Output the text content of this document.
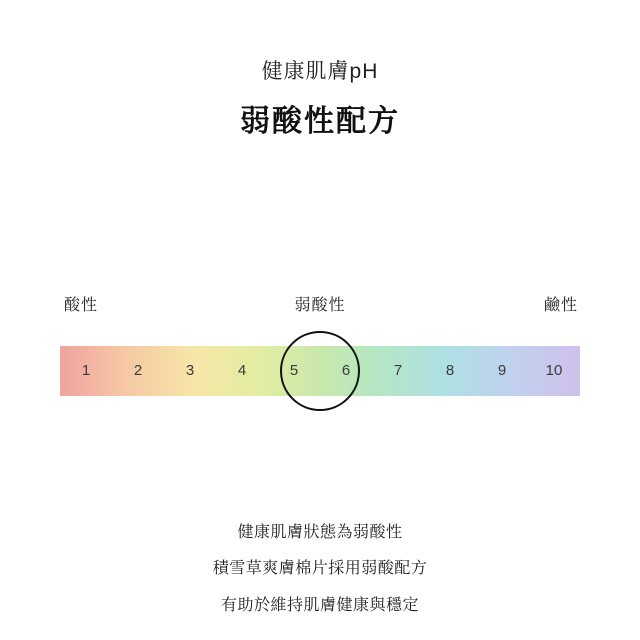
健康肌膚pH
弱酸性配方
酸性	弱酸性	鹼性
1	2	3	4	5	6	7	8	9	10

健康肌膚狀態為弱酸性

積雪草爽膚棉片採用弱酸配方

有助於維持肌膚健康與穩定
